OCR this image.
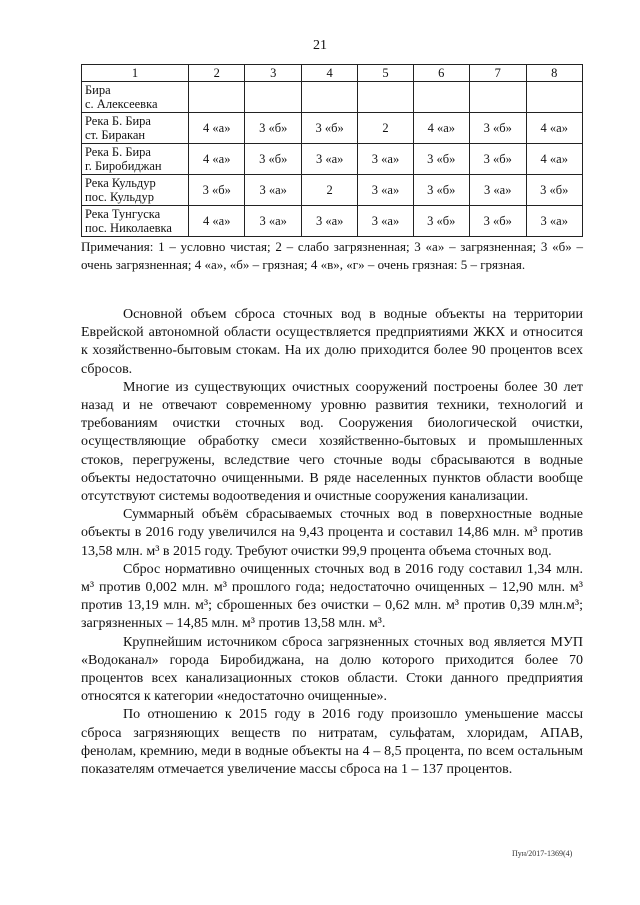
21
1	2	3	4	5	6	7	8

Бира
с. Алексеевка							

Река Б. Бира
ст. Биракан	4 «а»	3 «б»	3 «б»	2	4 «а»	3 «б»	4 «а»

Река Б. Бира
г. Биробиджан	4 «а»	3 «б»	3 «а»	3 «а»	3 «б»	3 «б»	4 «а»

Река Кульдур
пос. Кульдур	3 «б»	3 «а»	2	3 «а»	3 «б»	3 «а»	3 «б»

Река Тунгуска
пос. Николаевка	4 «а»	3 «а»	3 «а»	3 «а»	3 «б»	3 «б»	3 «а»
Примечания: 1 – условно чистая; 2 – слабо загрязненная; 3 «а» – загрязненная; 3 «б» – очень загрязненная; 4 «а», «б» – грязная; 4 «в», «г» – очень грязная: 5 – грязная.

Основной объем сброса сточных вод в водные объекты на территории Еврейской автономной области осуществляется предприятиями ЖКХ и относится к хозяйственно-бытовым стокам. На их долю приходится более 90 процентов всех сбросов.

Многие из существующих очистных сооружений построены более 30 лет назад и не отвечают современному уровню развития техники, технологий и требованиям очистки сточных вод. Сооружения биологической очистки, осуществляющие обработку смеси хозяйственно-бытовых и промышленных стоков, перегружены, вследствие чего сточные воды сбрасываются в водные объекты недостаточно очищенными. В ряде населенных пунктов области вообще отсутствуют системы водоотведения и очистные сооружения канализации.

Суммарный объём сбрасываемых сточных вод в поверхностные водные объекты в 2016 году увеличился на 9,43 процента и составил 14,86 млн. м³ против 13,58 млн. м³ в 2015 году. Требуют очистки 99,9 процента объема сточных вод.

Сброс нормативно очищенных сточных вод в 2016 году составил 1,34 млн. м³ против 0,002 млн. м³ прошлого года; недостаточно очищенных – 12,90 млн. м³ против 13,19 млн. м³; сброшенных без очистки – 0,62 млн. м³ против 0,39 млн.м³; загрязненных – 14,85 млн. м³ против 13,58 млн. м³.

Крупнейшим источником сброса загрязненных сточных вод является МУП «Водоканал» города Биробиджана, на долю которого приходится более 70 процентов всех канализационных стоков области. Стоки данного предприятия относятся к категории «недостаточно очищенные».

По отношению к 2015 году в 2016 году произошло уменьшение массы сброса загрязняющих веществ по нитратам, сульфатам, хлоридам, АПАВ, фенолам, кремнию, меди в водные объекты на 4 – 8,5 процента, по всем остальным показателям отмечается увеличение массы сброса на 1 – 137 процентов.

Пун/2017-1369(4)
